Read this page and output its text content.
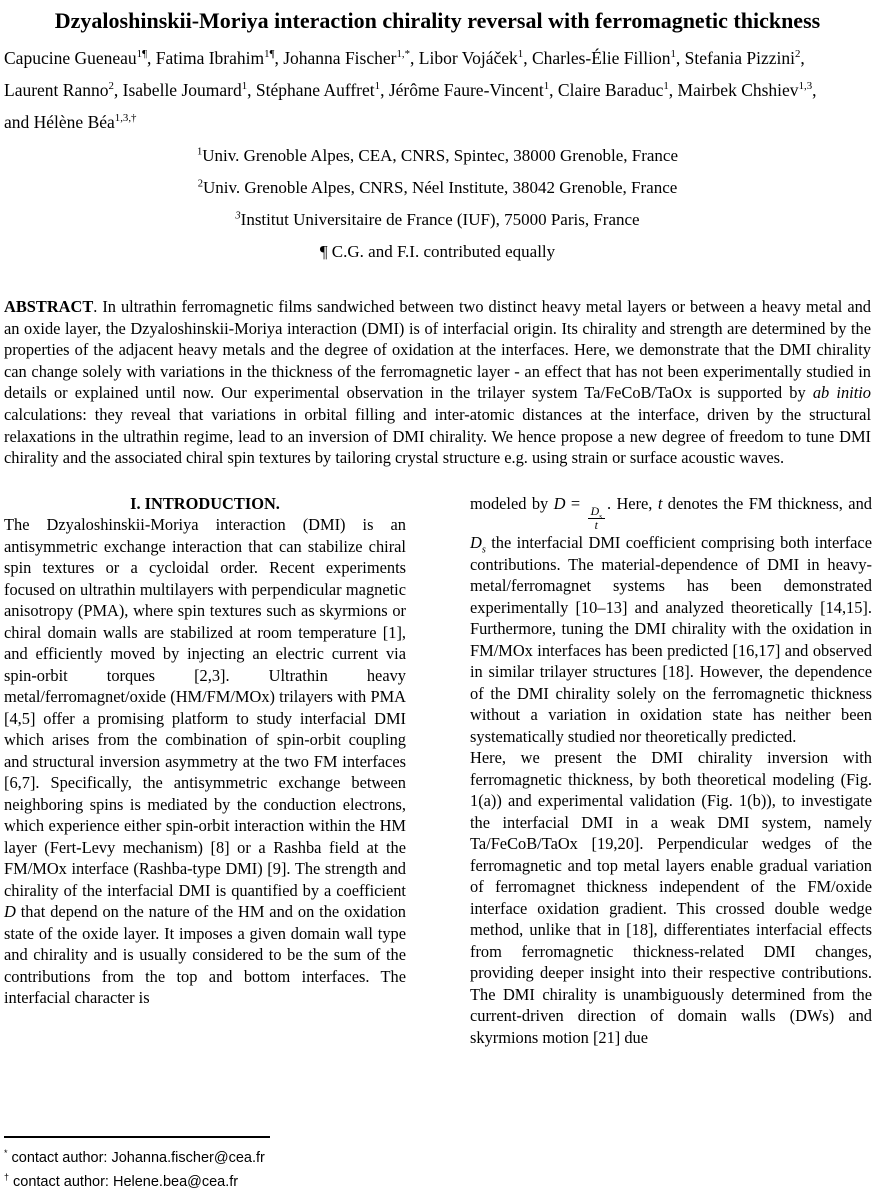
Dzyaloshinskii-Moriya interaction chirality reversal with ferromagnetic thickness

Capucine Gueneau$^{1\P}$, Fatima Ibrahim$^{1\P}$, Johanna Fischer$^{1,*}$, Libor Vojáček$^1$, Charles-Élie Fillion$^1$, Stefania Pizzini$^2$,
Laurent Ranno$^2$, Isabelle Joumard$^1$, Stéphane Auffret$^1$, Jérôme Faure-Vincent$^1$, Claire Baraduc$^1$, Mairbek Chshiev$^{1,3}$,
and Hélène Béa$^{1,3,\dagger}$

$^1$Univ. Grenoble Alpes, CEA, CNRS, Spintec, 38000 Grenoble, France
$^2$Univ. Grenoble Alpes, CNRS, Néel Institute, 38042 Grenoble, France
$^3$Institut Universitaire de France (IUF), 75000 Paris, France
¶ C.G. and F.I. contributed equally

ABSTRACT. In ultrathin ferromagnetic films sandwiched between two distinct heavy metal layers or between a heavy metal and an oxide layer, the Dzyaloshinskii-Moriya interaction (DMI) is of interfacial origin. Its chirality and strength are determined by the properties of the adjacent heavy metals and the degree of oxidation at the interfaces. Here, we demonstrate that the DMI chirality can change solely with variations in the thickness of the ferromagnetic layer - an effect that has not been experimentally studied in details or explained until now. Our experimental observation in the trilayer system Ta/FeCoB/TaOx is supported by ab initio calculations: they reveal that variations in orbital filling and inter-atomic distances at the interface, driven by the structural relaxations in the ultrathin regime, lead to an inversion of DMI chirality. We hence propose a new degree of freedom to tune DMI chirality and the associated chiral spin textures by tailoring crystal structure e.g. using strain or surface acoustic waves.

I. INTRODUCTION.

The Dzyaloshinskii-Moriya interaction (DMI) is an antisymmetric exchange interaction that can stabilize chiral spin textures or a cycloidal order. Recent experiments focused on ultrathin multilayers with perpendicular magnetic anisotropy (PMA), where spin textures such as skyrmions or chiral domain walls are stabilized at room temperature [1], and efficiently moved by injecting an electric current via spin-orbit torques [2,3]. Ultrathin heavy metal/ferromagnet/oxide (HM/FM/MOx) trilayers with PMA [4,5] offer a promising platform to study interfacial DMI which arises from the combination of spin-orbit coupling and structural inversion asymmetry at the two FM interfaces [6,7]. Specifically, the antisymmetric exchange between neighboring spins is mediated by the conduction electrons, which experience either spin-orbit interaction within the HM layer (Fert-Levy mechanism) [8] or a Rashba field at the FM/MOx interface (Rashba-type DMI) [9]. The strength and chirality of the interfacial DMI is quantified by a coefficient D that depend on the nature of the HM and on the oxidation state of the oxide layer. It imposes a given domain wall type and chirality and is usually considered to be the sum of the contributions from the top and bottom interfaces. The interfacial character is

modeled by D =
$\frac{D_s}{t}$
. Here, t denotes the FM thickness, and $D_s$ the interfacial DMI coefficient comprising both interface contributions. The material-dependence of DMI in heavy-metal/ferromagnet systems has been demonstrated experimentally [10–13] and analyzed theoretically [14,15]. Furthermore, tuning the DMI chirality with the oxidation in FM/MOx interfaces has been predicted [16,17] and observed in similar trilayer structures [18]. However, the dependence of the DMI chirality solely on the ferromagnetic thickness without a variation in oxidation state has neither been systematically studied nor theoretically predicted.

Here, we present the DMI chirality inversion with ferromagnetic thickness, by both theoretical modeling (Fig. 1(a)) and experimental validation (Fig. 1(b)), to investigate the interfacial DMI in a weak DMI system, namely Ta/FeCoB/TaOx [19,20]. Perpendicular wedges of the ferromagnetic and top metal layers enable gradual variation of ferromagnet thickness independent of the FM/oxide interface oxidation gradient. This crossed double wedge method, unlike that in [18], differentiates interfacial effects from ferromagnetic thickness-related DMI changes, providing deeper insight into their respective contributions. The DMI chirality is unambiguously determined from the current-driven direction of domain walls (DWs) and skyrmions motion [21] due

* contact author: Johanna.fischer@cea.fr

† contact author: Helene.bea@cea.fr
